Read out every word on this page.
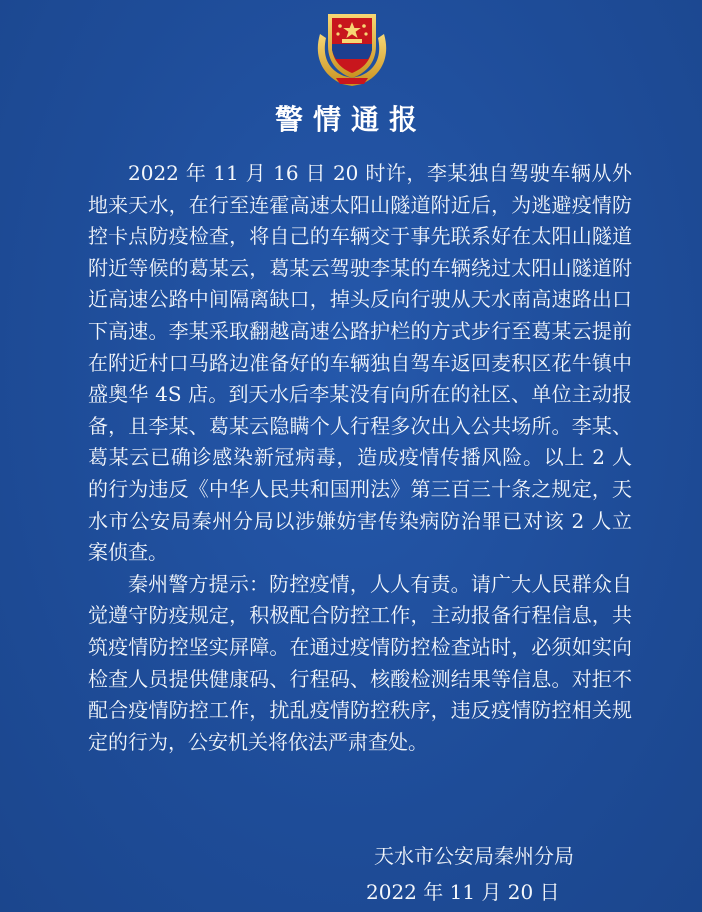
警情通报

2022 年 11 月 16 日 20 时许，李某独自驾驶车辆从外地来天水，在行至连霍高速太阳山隧道附近后，为逃避疫情防控卡点防疫检查，将自己的车辆交于事先联系好在太阳山隧道附近等候的葛某云，葛某云驾驶李某的车辆绕过太阳山隧道附近高速公路中间隔离缺口，掉头反向行驶从天水南高速路出口下高速。李某采取翻越高速公路护栏的方式步行至葛某云提前在附近村口马路边准备好的车辆独自驾车返回麦积区花牛镇中盛奥华 4S 店。到天水后李某没有向所在的社区、单位主动报备，且李某、葛某云隐瞒个人行程多次出入公共场所。李某、葛某云已确诊感染新冠病毒，造成疫情传播风险。以上 2 人的行为违反《中华人民共和国刑法》第三百三十条之规定，天水市公安局秦州分局以涉嫌妨害传染病防治罪已对该 2 人立案侦查。

秦州警方提示：防控疫情，人人有责。请广大人民群众自觉遵守防疫规定，积极配合防控工作，主动报备行程信息，共筑疫情防控坚实屏障。在通过疫情防控检查站时，必须如实向检查人员提供健康码、行程码、核酸检测结果等信息。对拒不配合疫情防控工作，扰乱疫情防控秩序，违反疫情防控相关规定的行为，公安机关将依法严肃查处。

天水市公安局秦州分局
2022 年 11 月 20 日
